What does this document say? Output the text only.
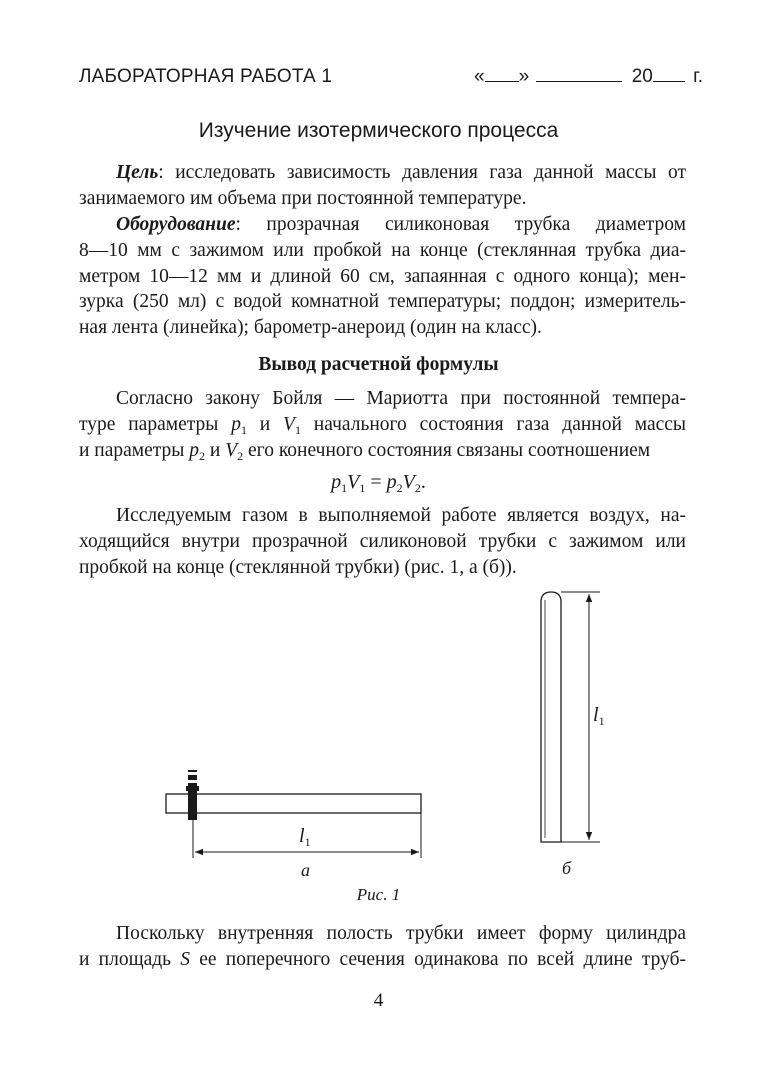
ЛАБОРАТОРНАЯ РАБОТА 1	« »	20 г.
Изучение изотермического процесса
Цель: исследовать зависимость давления газа данной массы от
занимаемого им объема при постоянной температуре.
Оборудование: прозрачная силиконовая трубка диаметром
8—10 мм с зажимом или пробкой на конце (стеклянная трубка диа-
метром 10—12 мм и длиной 60 см, запаянная с одного конца); мен-
зурка (250 мл) с водой комнатной температуры; поддон; измеритель-
ная лента (линейка); барометр-анероид (один на класс).
Вывод расчетной формулы
Согласно закону Бойля — Мариотта при постоянной темпера-
туре параметры $p_1$ и $V_1$ начального состояния газа данной массы
и параметры $p_2$ и $V_2$ его конечного состояния связаны соотношением
$p_1V_1 = p_2V_2$.
Исследуемым газом в выполняемой работе является воздух, на-
ходящийся внутри прозрачной силиконовой трубки с зажимом или
пробкой на конце (стеклянной трубки) (рис. 1, а (б)).
$l_1$
а
$l_1$
б
Рис. 1
Поскольку внутренняя полость трубки имеет форму цилиндра
и площадь S ее поперечного сечения одинакова по всей длине труб-
4
